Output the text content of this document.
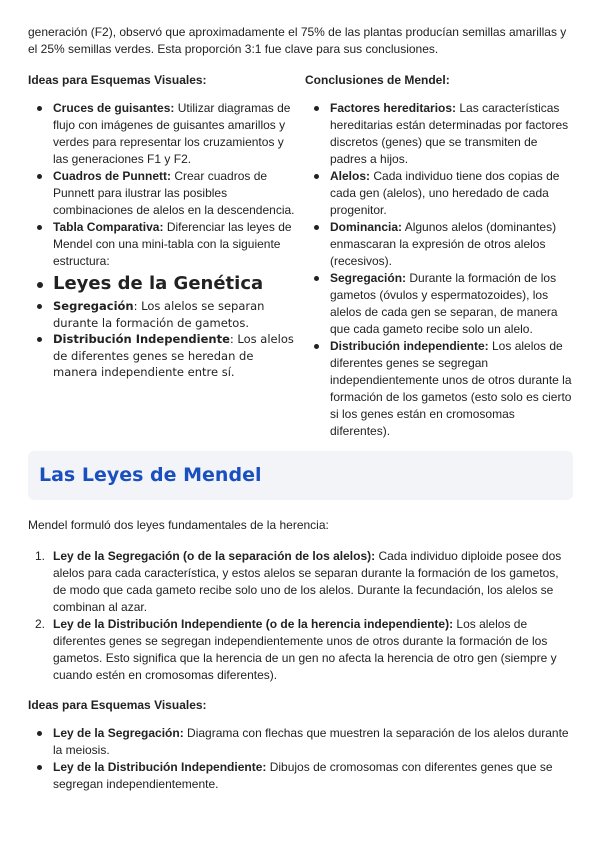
generación (F2), observó que aproximadamente el 75% de las plantas producían semillas amarillas y el 25% semillas verdes. Esta proporción 3:1 fue clave para sus conclusiones.

Ideas para Esquemas Visuales:
Cruces de guisantes: Utilizar diagramas de flujo con imágenes de guisantes amarillos y verdes para representar los cruzamientos y las generaciones F1 y F2.
Cuadros de Punnett: Crear cuadros de Punnett para ilustrar las posibles combinaciones de alelos en la descendencia.
Tabla Comparativa: Diferenciar las leyes de Mendel con una mini-tabla con la siguiente estructura:
Leyes de la Genética
Segregación: Los alelos se separan durante la formación de gametos.
Distribución Independiente: Los alelos de diferentes genes se heredan de manera independiente entre sí.
Conclusiones de Mendel:
Factores hereditarios: Las características hereditarias están determinadas por factores discretos (genes) que se transmiten de padres a hijos.
Alelos: Cada individuo tiene dos copias de cada gen (alelos), uno heredado de cada progenitor.
Dominancia: Algunos alelos (dominantes) enmascaran la expresión de otros alelos (recesivos).
Segregación: Durante la formación de los gametos (óvulos y espermatozoides), los alelos de cada gen se separan, de manera que cada gameto recibe solo un alelo.
Distribución independiente: Los alelos de diferentes genes se segregan independientemente unos de otros durante la formación de los gametos (esto solo es cierto si los genes están en cromosomas diferentes).
Las Leyes de Mendel

Mendel formuló dos leyes fundamentales de la herencia:

1. Ley de la Segregación (o de la separación de los alelos): Cada individuo diploide posee dos alelos para cada característica, y estos alelos se separan durante la formación de los gametos, de modo que cada gameto recibe solo uno de los alelos. Durante la fecundación, los alelos se combinan al azar.
2. Ley de la Distribución Independiente (o de la herencia independiente): Los alelos de diferentes genes se segregan independientemente unos de otros durante la formación de los gametos. Esto significa que la herencia de un gen no afecta la herencia de otro gen (siempre y cuando estén en cromosomas diferentes).
Ideas para Esquemas Visuales:
Ley de la Segregación: Diagrama con flechas que muestren la separación de los alelos durante la meiosis.
Ley de la Distribución Independiente: Dibujos de cromosomas con diferentes genes que se segregan independientemente.
